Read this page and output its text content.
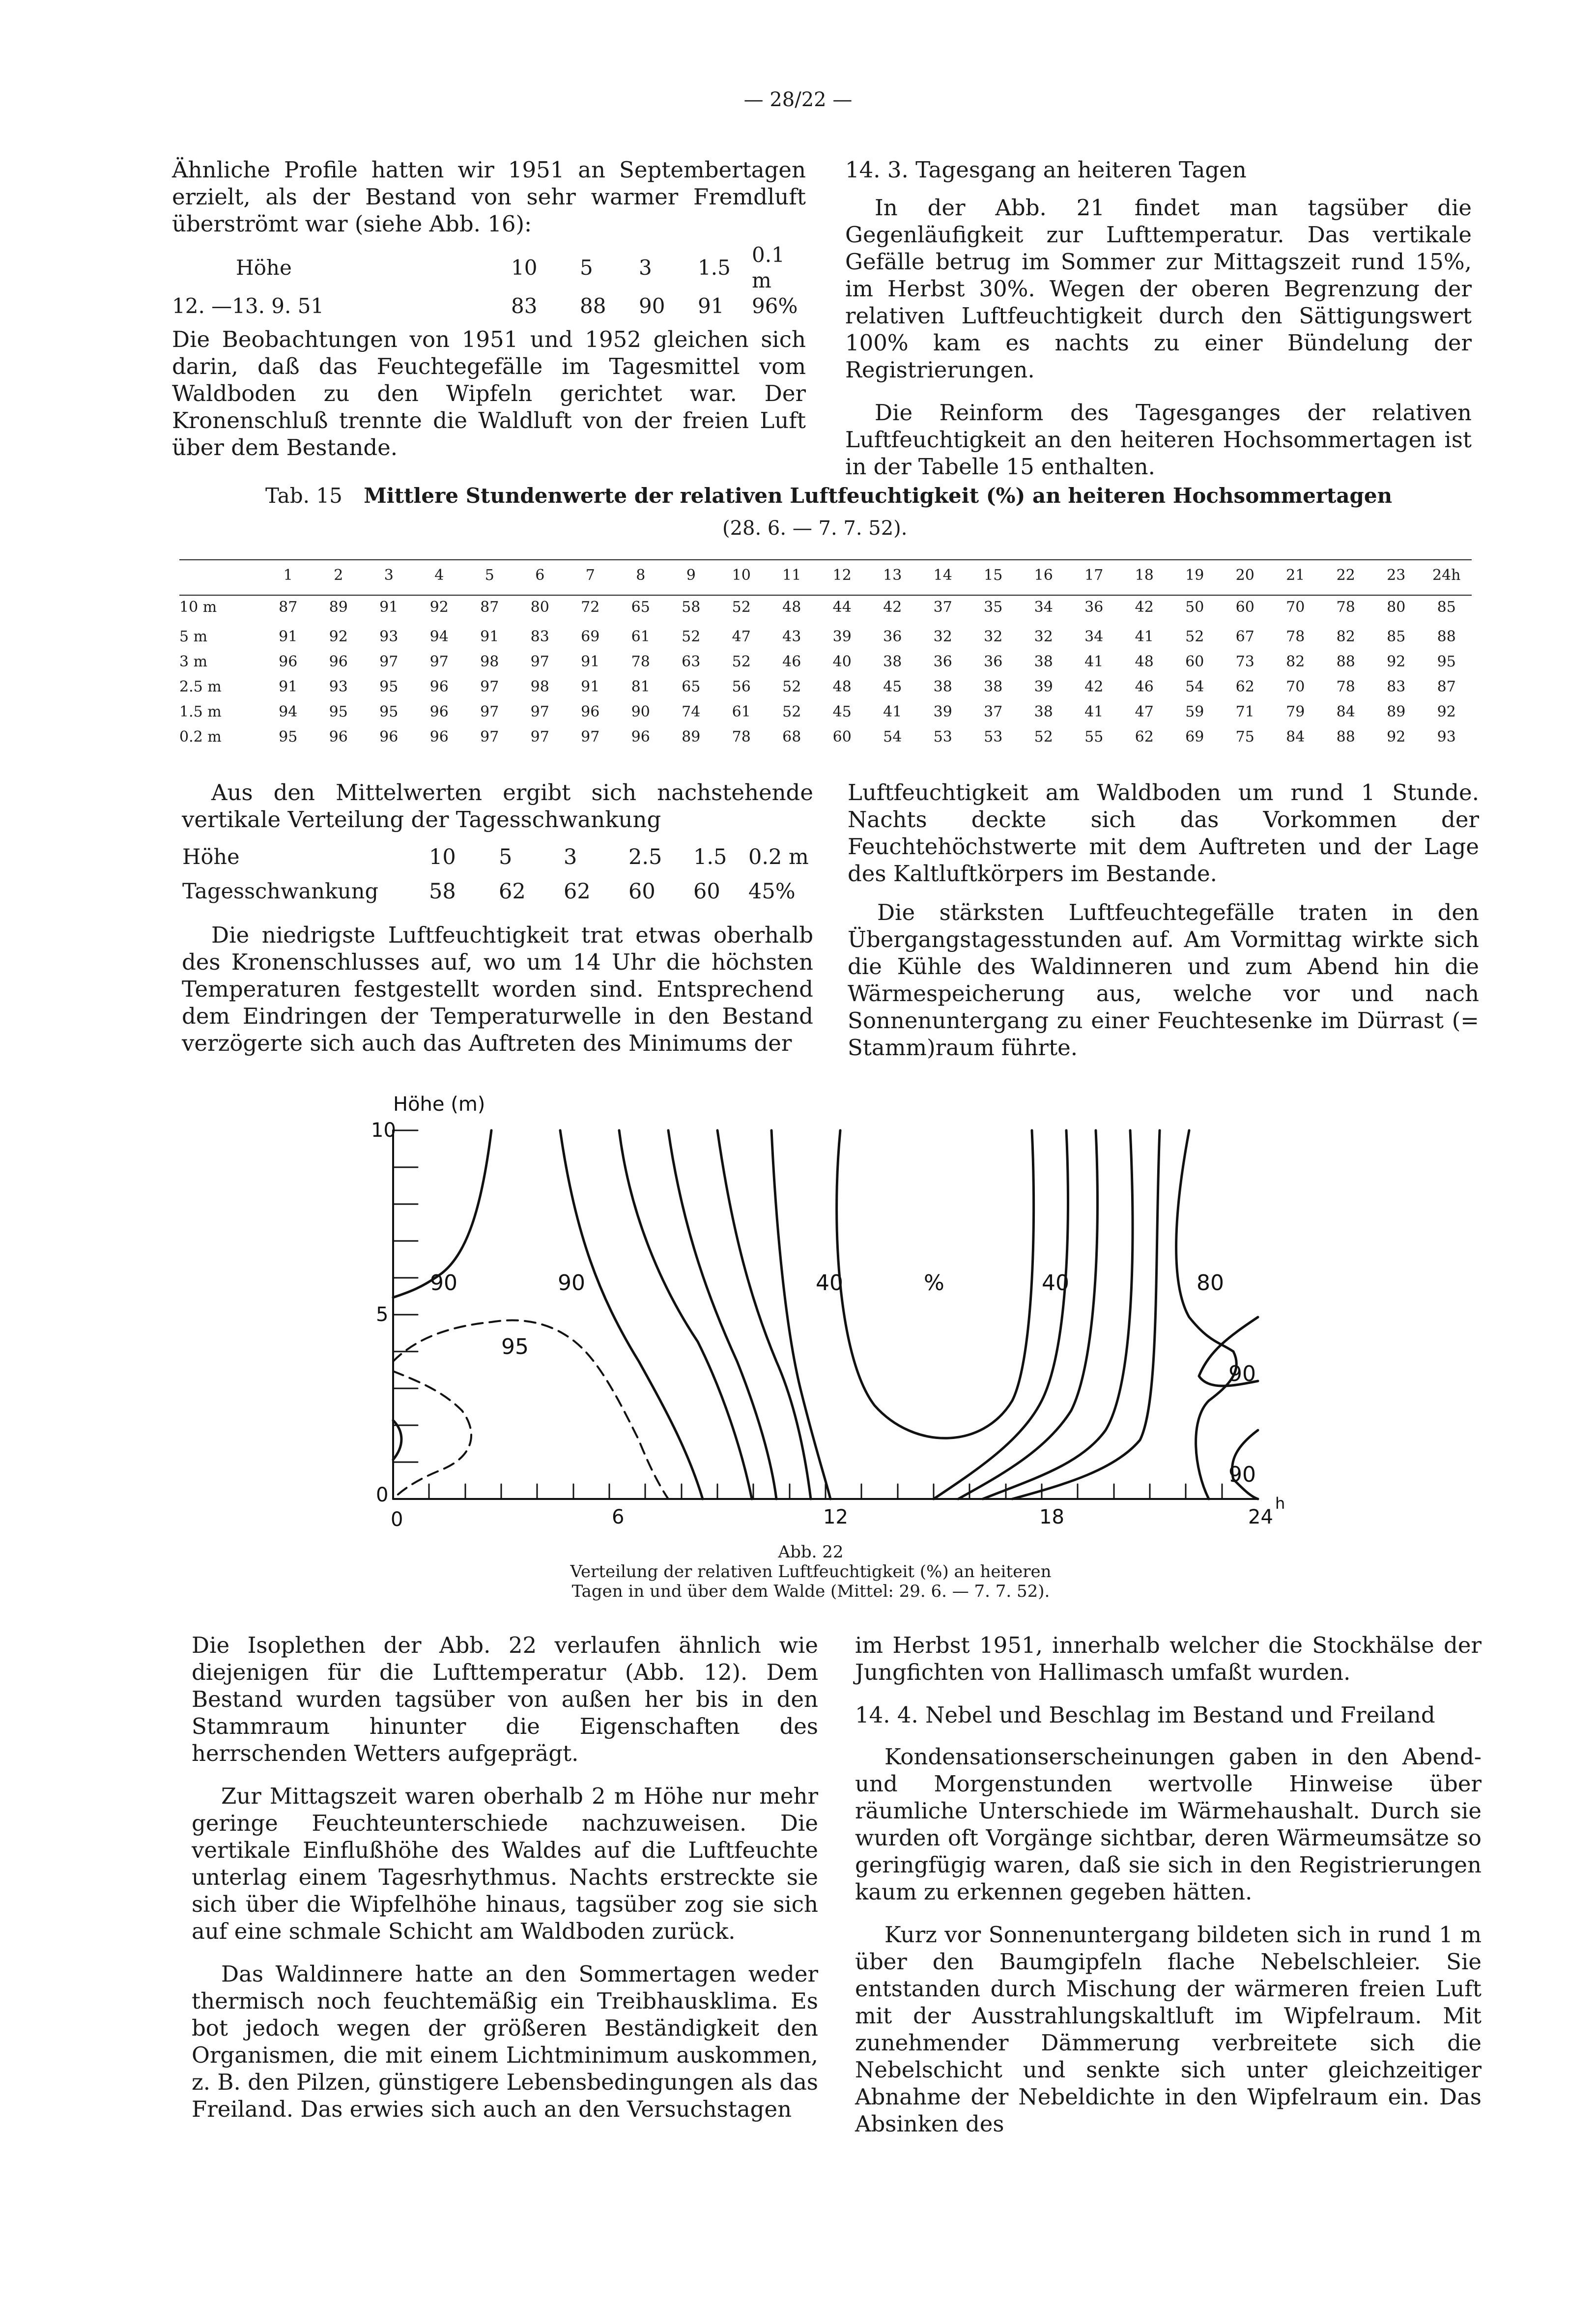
— 28/22 —

Ähnliche Profile hatten wir 1951 an Septembertagen erzielt, als der Bestand von sehr warmer Fremdluft überströmt war (siehe Abb. 16):

Höhe	10	5	3	1.5	0.1 m
12. —13. 9. 51	83	88	90	91	96%

Die Beobachtungen von 1951 und 1952 gleichen sich darin, daß das Feuchtegefälle im Tagesmittel vom Waldboden zu den Wipfeln gerichtet war. Der Kronenschluß trennte die Waldluft von der freien Luft über dem Bestande.

14. 3. Tagesgang an heiteren Tagen

In der Abb. 21 findet man tagsüber die Gegenläufigkeit zur Lufttemperatur. Das vertikale Gefälle betrug im Sommer zur Mittagszeit rund 15%, im Herbst 30%. Wegen der oberen Begrenzung der relativen Luftfeuchtigkeit durch den Sättigungswert 100% kam es nachts zu einer Bündelung der Registrierungen.

Die Reinform des Tagesganges der relativen Luftfeuchtigkeit an den heiteren Hochsommertagen ist in der Tabelle 15 enthalten.

Tab. 15 Mittlere Stundenwerte der relativen Luftfeuchtigkeit (%) an heiteren Hochsommertagen
(28. 6. — 7. 7. 52).
	1	2	3	4	5	6	7	8	9	10	11	12	13	14	15	16	17	18	19	20	21	22	23	24h
10 m	87	89	91	92	87	80	72	65	58	52	48	44	42	37	35	34	36	42	50	60	70	78	80	85
5 m	91	92	93	94	91	83	69	61	52	47	43	39	36	32	32	32	34	41	52	67	78	82	85	88
3 m	96	96	97	97	98	97	91	78	63	52	46	40	38	36	36	38	41	48	60	73	82	88	92	95
2.5 m	91	93	95	96	97	98	91	81	65	56	52	48	45	38	38	39	42	46	54	62	70	78	83	87
1.5 m	94	95	95	96	97	97	96	90	74	61	52	45	41	39	37	38	41	47	59	71	79	84	89	92
0.2 m	95	96	96	96	97	97	97	96	89	78	68	60	54	53	53	52	55	62	69	75	84	88	92	93

Aus den Mittelwerten ergibt sich nachstehende vertikale Verteilung der Tagesschwankung

Höhe	10	5	3	2.5	1.5	0.2 m
Tagesschwankung	58	62	62	60	60	45%

Die niedrigste Luftfeuchtigkeit trat etwas oberhalb des Kronenschlusses auf, wo um 14 Uhr die höchsten Temperaturen festgestellt worden sind. Entsprechend dem Eindringen der Temperaturwelle in den Bestand verzögerte sich auch das Auftreten des Minimums der

Luftfeuchtigkeit am Waldboden um rund 1 Stunde. Nachts deckte sich das Vorkommen der Feuchtehöchstwerte mit dem Auftreten und der Lage des Kaltluftkörpers im Bestande.

Die stärksten Luftfeuchtegefälle traten in den Übergangstagesstunden auf. Am Vormittag wirkte sich die Kühle des Waldinneren und zum Abend hin die Wärmespeicherung aus, welche vor und nach Sonnenuntergang zu einer Feuchtesenke im Dürrast (= Stamm)raum führte.

Höhe (m)
10
5
0
0	6	12	18	24
h
%
90	90	40	40	80
95
90
90
Abb. 22
Verteilung der relativen Luftfeuchtigkeit (%) an heiteren
Tagen in und über dem Walde (Mittel: 29. 6. — 7. 7. 52).

Die Isoplethen der Abb. 22 verlaufen ähnlich wie diejenigen für die Lufttemperatur (Abb. 12). Dem Bestand wurden tagsüber von außen her bis in den Stammraum hinunter die Eigenschaften des herrschenden Wetters aufgeprägt.

Zur Mittagszeit waren oberhalb 2 m Höhe nur mehr geringe Feuchteunterschiede nachzuweisen. Die vertikale Einflußhöhe des Waldes auf die Luftfeuchte unterlag einem Tagesrhythmus. Nachts erstreckte sie sich über die Wipfelhöhe hinaus, tagsüber zog sie sich auf eine schmale Schicht am Waldboden zurück.

Das Waldinnere hatte an den Sommertagen weder thermisch noch feuchtemäßig ein Treibhausklima. Es bot jedoch wegen der größeren Beständigkeit den Organismen, die mit einem Lichtminimum auskommen, z. B. den Pilzen, günstigere Lebensbedingungen als das Freiland. Das erwies sich auch an den Versuchstagen

im Herbst 1951, innerhalb welcher die Stockhälse der Jungfichten von Hallimasch umfaßt wurden.

14. 4. Nebel und Beschlag im Bestand und Freiland

Kondensationserscheinungen gaben in den Abend- und Morgenstunden wertvolle Hinweise über räumliche Unterschiede im Wärmehaushalt. Durch sie wurden oft Vorgänge sichtbar, deren Wärmeumsätze so geringfügig waren, daß sie sich in den Registrierungen kaum zu erkennen gegeben hätten.

Kurz vor Sonnenuntergang bildeten sich in rund 1 m über den Baumgipfeln flache Nebelschleier. Sie entstanden durch Mischung der wärmeren freien Luft mit der Ausstrahlungskaltluft im Wipfelraum. Mit zunehmender Dämmerung verbreitete sich die Nebelschicht und senkte sich unter gleichzeitiger Abnahme der Nebeldichte in den Wipfelraum ein. Das Absinken des
